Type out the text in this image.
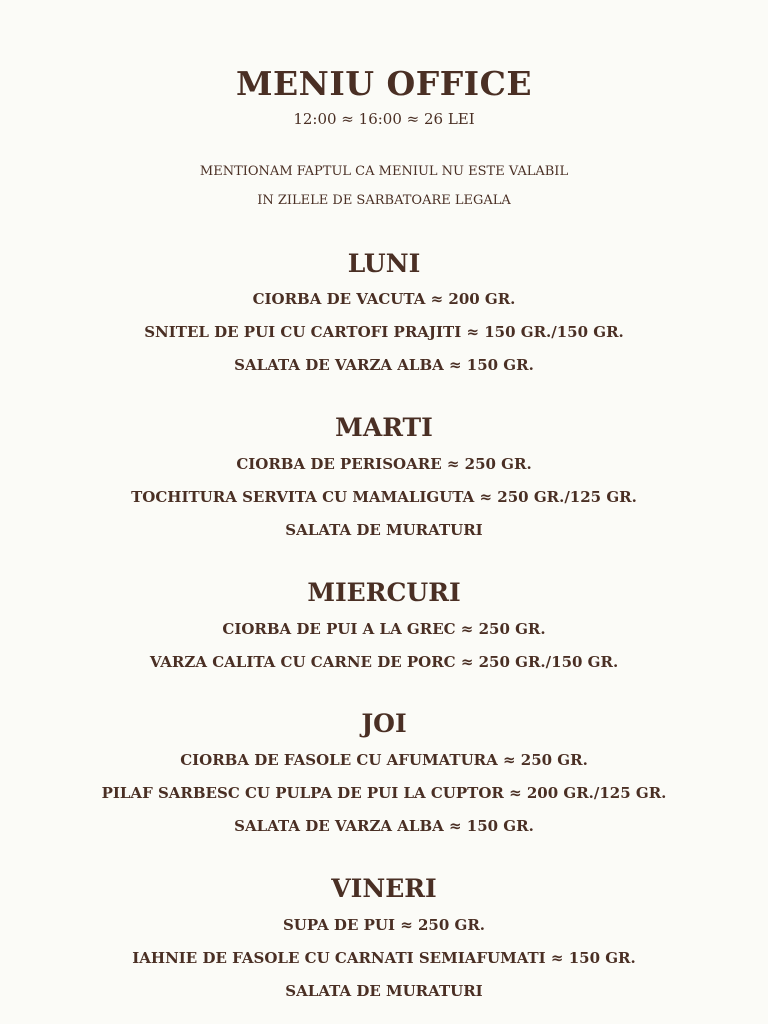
MENIU OFFICE
12:00 ≈ 16:00 ≈ 26 LEI
MENTIONAM FAPTUL CA MENIUL NU ESTE VALABIL
IN ZILELE DE SARBATOARE LEGALA
LUNI
CIORBA DE VACUTA ≈ 200 GR.
SNITEL DE PUI CU CARTOFI PRAJITI ≈ 150 GR./150 GR.
SALATA DE VARZA ALBA ≈ 150 GR.
MARTI
CIORBA DE PERISOARE ≈ 250 GR.
TOCHITURA SERVITA CU MAMALIGUTA ≈ 250 GR./125 GR.
SALATA DE MURATURI
MIERCURI
CIORBA DE PUI A LA GREC ≈ 250 GR.
VARZA CALITA CU CARNE DE PORC ≈ 250 GR./150 GR.
JOI
CIORBA DE FASOLE CU AFUMATURA ≈ 250 GR.
PILAF SARBESC CU PULPA DE PUI LA CUPTOR ≈ 200 GR./125 GR.
SALATA DE VARZA ALBA ≈ 150 GR.
VINERI
SUPA DE PUI ≈ 250 GR.
IAHNIE DE FASOLE CU CARNATI SEMIAFUMATI ≈ 150 GR.
SALATA DE MURATURI
